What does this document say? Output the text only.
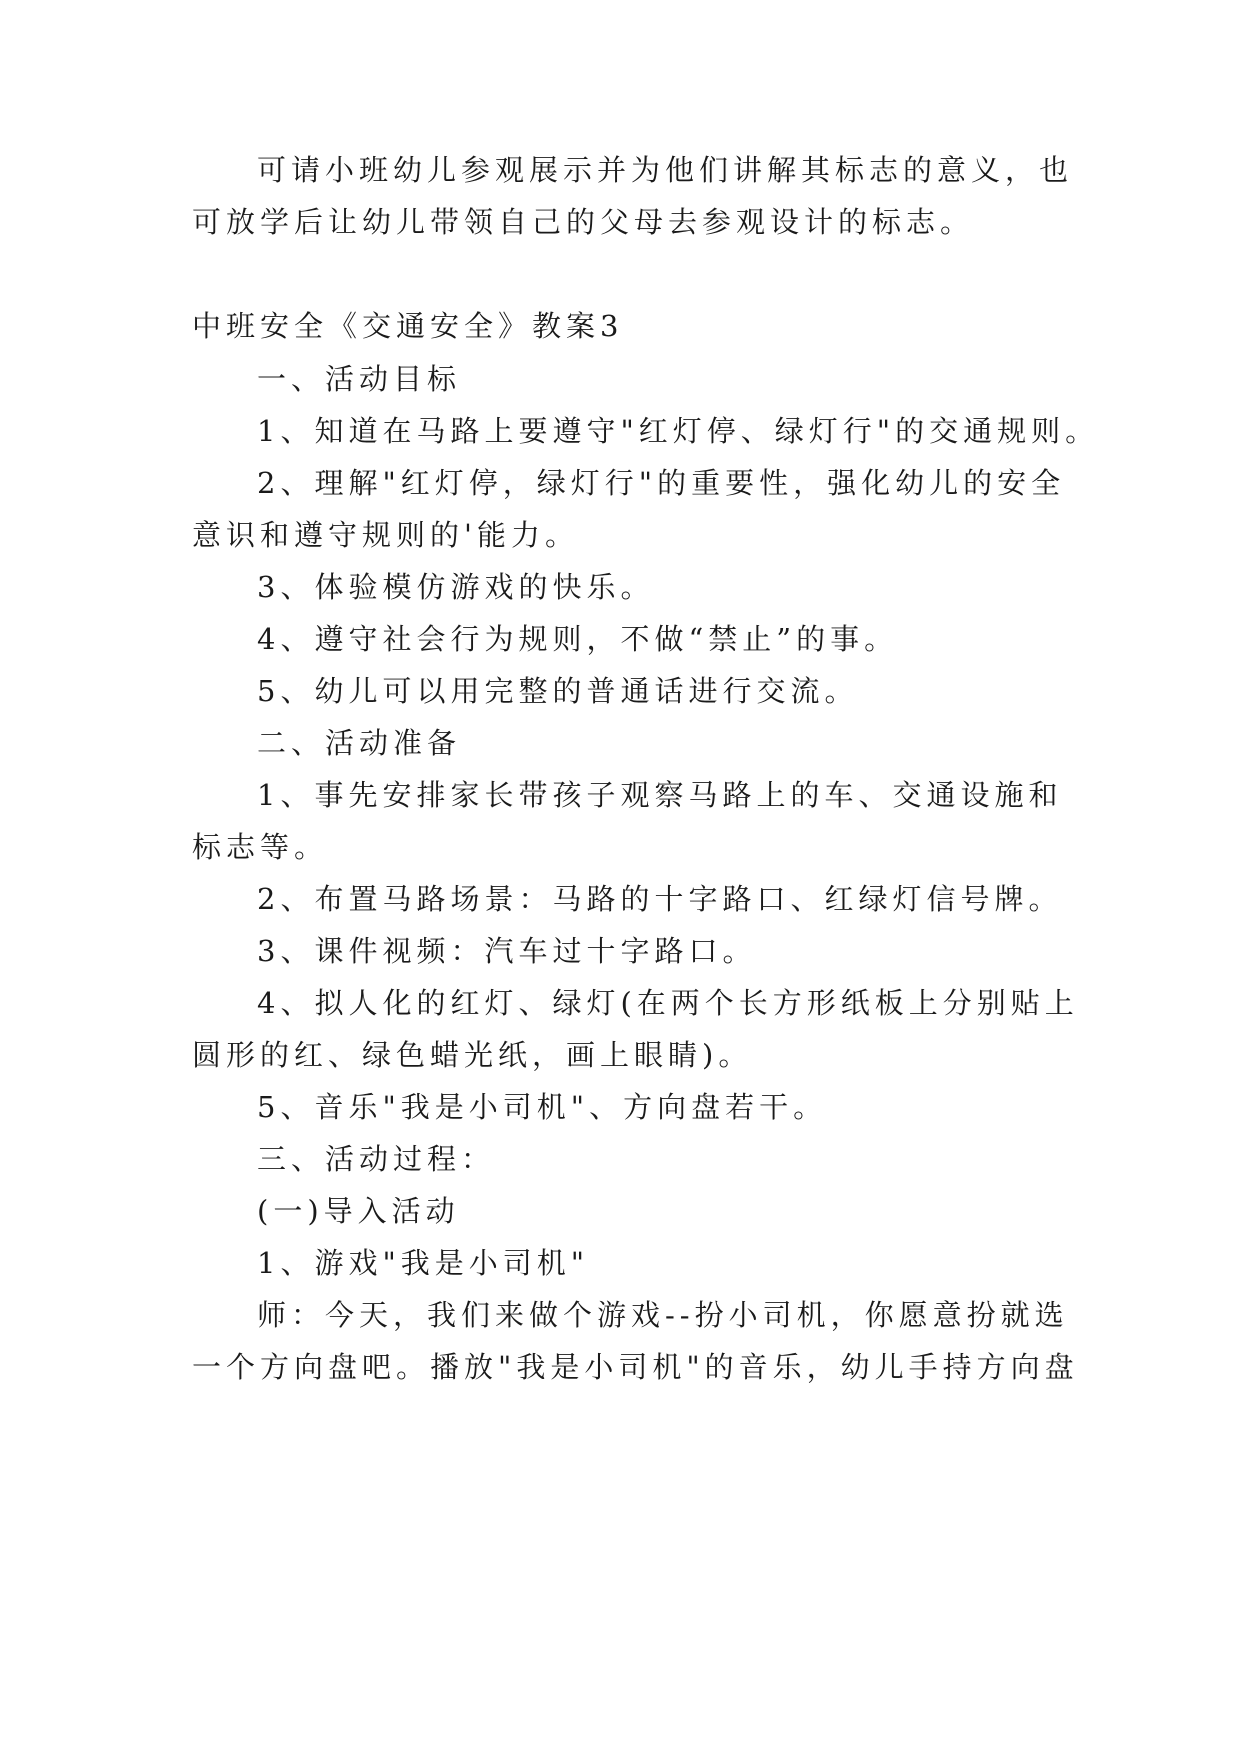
可请小班幼儿参观展示并为他们讲解其标志的意义，也
可放学后让幼儿带领自己的父母去参观设计的标志。
中班安全《交通安全》教案3
一、活动目标
1、知道在马路上要遵守"红灯停、绿灯行"的交通规则。
2、理解"红灯停，绿灯行"的重要性，强化幼儿的安全
意识和遵守规则的'能力。
3、体验模仿游戏的快乐。
4、遵守社会行为规则，不做“禁止”的事。
5、幼儿可以用完整的普通话进行交流。
二、活动准备
1、事先安排家长带孩子观察马路上的车、交通设施和
标志等。
2、布置马路场景：马路的十字路口、红绿灯信号牌。
3、课件视频：汽车过十字路口。
4、拟人化的红灯、绿灯(在两个长方形纸板上分别贴上
圆形的红、绿色蜡光纸，画上眼睛)。
5、音乐"我是小司机"、方向盘若干。
三、活动过程：
(一)导入活动
1、游戏"我是小司机"
师：今天，我们来做个游戏--扮小司机，你愿意扮就选
一个方向盘吧。播放"我是小司机"的音乐，幼儿手持方向盘
